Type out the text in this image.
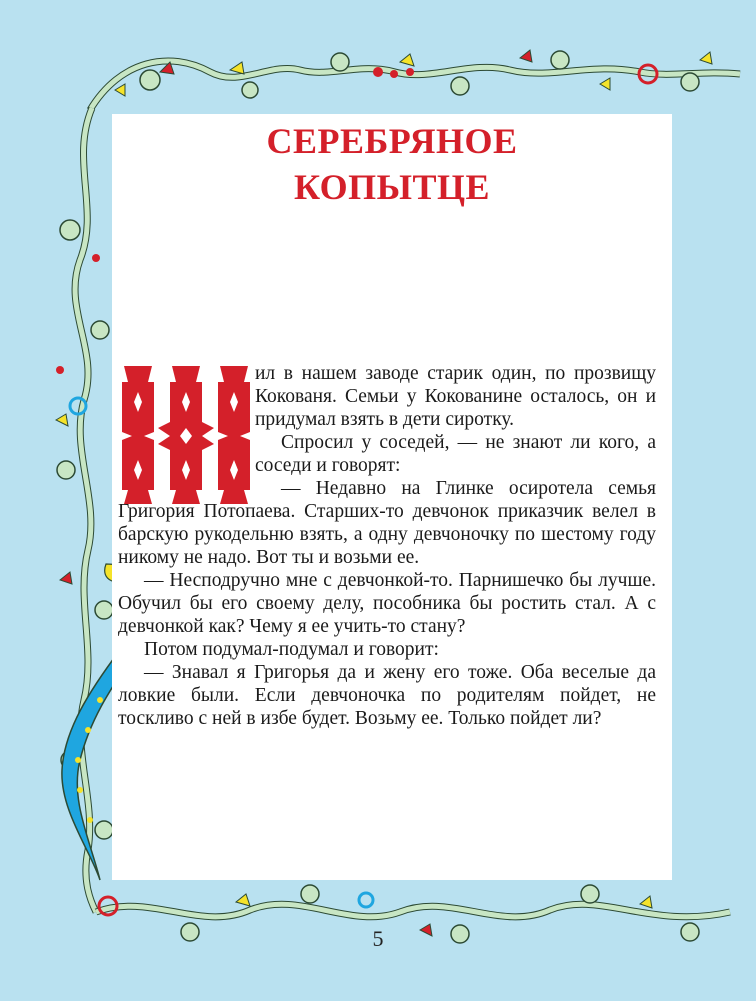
СЕРЕБРЯНОЕ
КОПЫТЦЕ

ил в нашем заводе старик один, по прозвищу Кокованя. Семьи у Кокованине осталось, он и придумал взять в дети сиротку.

Спросил у соседей, — не знают ли кого, а соседи и говорят:

— Недавно на Глинке осиротела семья Григория Потопаева. Старших-то девчонок приказчик велел в барскую рукодельню взять, а одну девчоночку по шестому году никому не надо. Вот ты и возьми ее.

— Несподручно мне с девчонкой-то. Парнишечко бы лучше. Обучил бы его своему делу, пособника бы ростить стал. А с девчонкой как? Чему я ее учить-то стану?

Потом подумал-подумал и говорит:

— Знавал я Григорья да и жену его тоже. Оба веселые да ловкие были. Если девчоночка по родителям пойдет, не тоскливо с ней в избе будет. Возьму ее. Только пойдет ли?

5
